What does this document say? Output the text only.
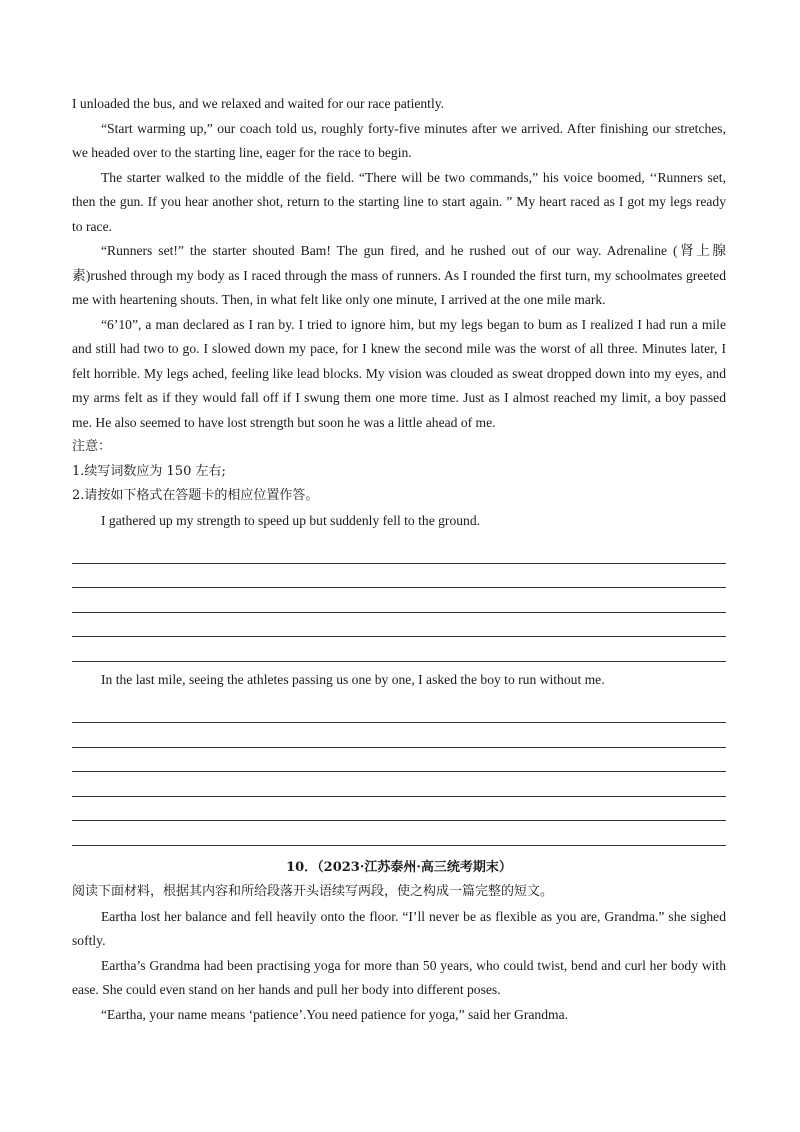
I unloaded the bus, and we relaxed and waited for our race patiently.

“Start warming up,” our coach told us, roughly forty-five minutes after we arrived. After finishing our stretches, we headed over to the starting line, eager for the race to begin.

The starter walked to the middle of the field. “There will be two commands,” his voice boomed, ‘‘Runners set, then the gun. If you hear another shot, return to the starting line to start again. ” My heart raced as I got my legs ready to race.

“Runners set!” the starter shouted Bam! The gun fired, and he rushed out of our way. Adrenaline (肾上腺素)rushed through my body as I raced through the mass of runners. As I rounded the first turn, my schoolmates greeted me with heartening shouts. Then, in what felt like only one minute, I arrived at the one mile mark.

“6’10”, a man declared as I ran by. I tried to ignore him, but my legs began to bum as I realized I had run a mile and still had two to go. I slowed down my pace, for I knew the second mile was the worst of all three. Minutes later, I felt horrible. My legs ached, feeling like lead blocks. My vision was clouded as sweat dropped down into my eyes, and my arms felt as if they would fall off if I swung them one more time. Just as I almost reached my limit, a boy passed me. He also seemed to have lost strength but soon he was a little ahead of me.

注意：

1.续写词数应为 150 左右;

2.请按如下格式在答题卡的相应位置作答。

I gathered up my strength to speed up but suddenly fell to the ground.

In the last mile, seeing the athletes passing us one by one, I asked the boy to run without me.

10．（2023·江苏泰州·高三统考期末）

阅读下面材料，根据其内容和所给段落开头语续写两段，使之构成一篇完整的短文。

Eartha lost her balance and fell heavily onto the floor. “I’ll never be as flexible as you are, Grandma.” she sighed softly.

Eartha’s Grandma had been practising yoga for more than 50 years, who could twist, bend and curl her body with ease. She could even stand on her hands and pull her body into different poses.

“Eartha, your name means ‘patience’.You need patience for yoga,” said her Grandma.
